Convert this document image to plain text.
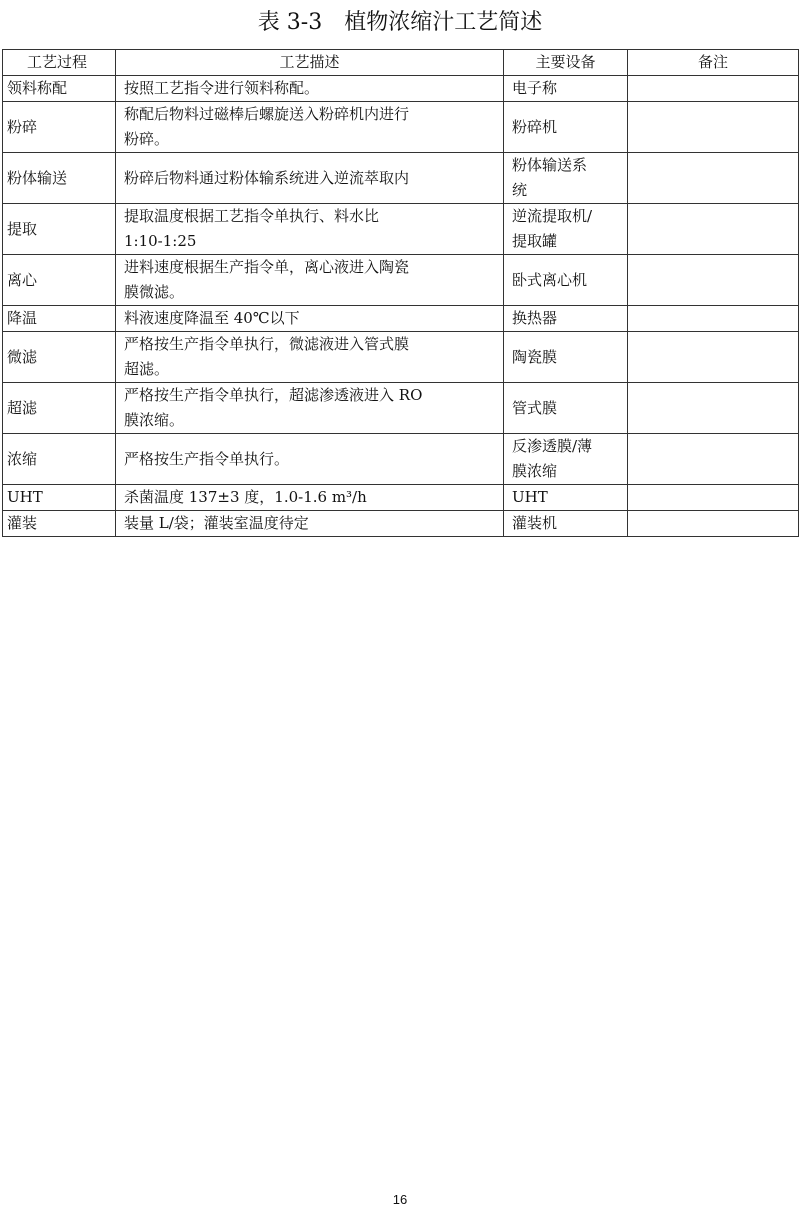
表 3-3　植物浓缩汁工艺简述
工艺过程	工艺描述	主要设备	备注
领料称配	按照工艺指令进行领料称配。	电子称	

粉碎	称配后物料过磁棒后螺旋送入粉碎机内进行
粉碎。	粉碎机	

粉体输送	粉碎后物料通过粉体输系统进入逆流萃取内	粉体输送系
统	

提取	提取温度根据工艺指令单执行、料水比
1:10-1:25	逆流提取机/
提取罐	

离心	进料速度根据生产指令单，离心液进入陶瓷
膜微滤。	卧式离心机	

降温	料液速度降温至 40℃以下	换热器	

微滤	严格按生产指令单执行，微滤液进入管式膜
超滤。	陶瓷膜	

超滤	严格按生产指令单执行，超滤渗透液进入 RO
膜浓缩。	管式膜	

浓缩	严格按生产指令单执行。	反渗透膜/薄
膜浓缩	

UHT	杀菌温度 137±3 度，1.0-1.6 m³/h	UHT	

灌装	装量 L/袋；灌装室温度待定	灌装机	

16
